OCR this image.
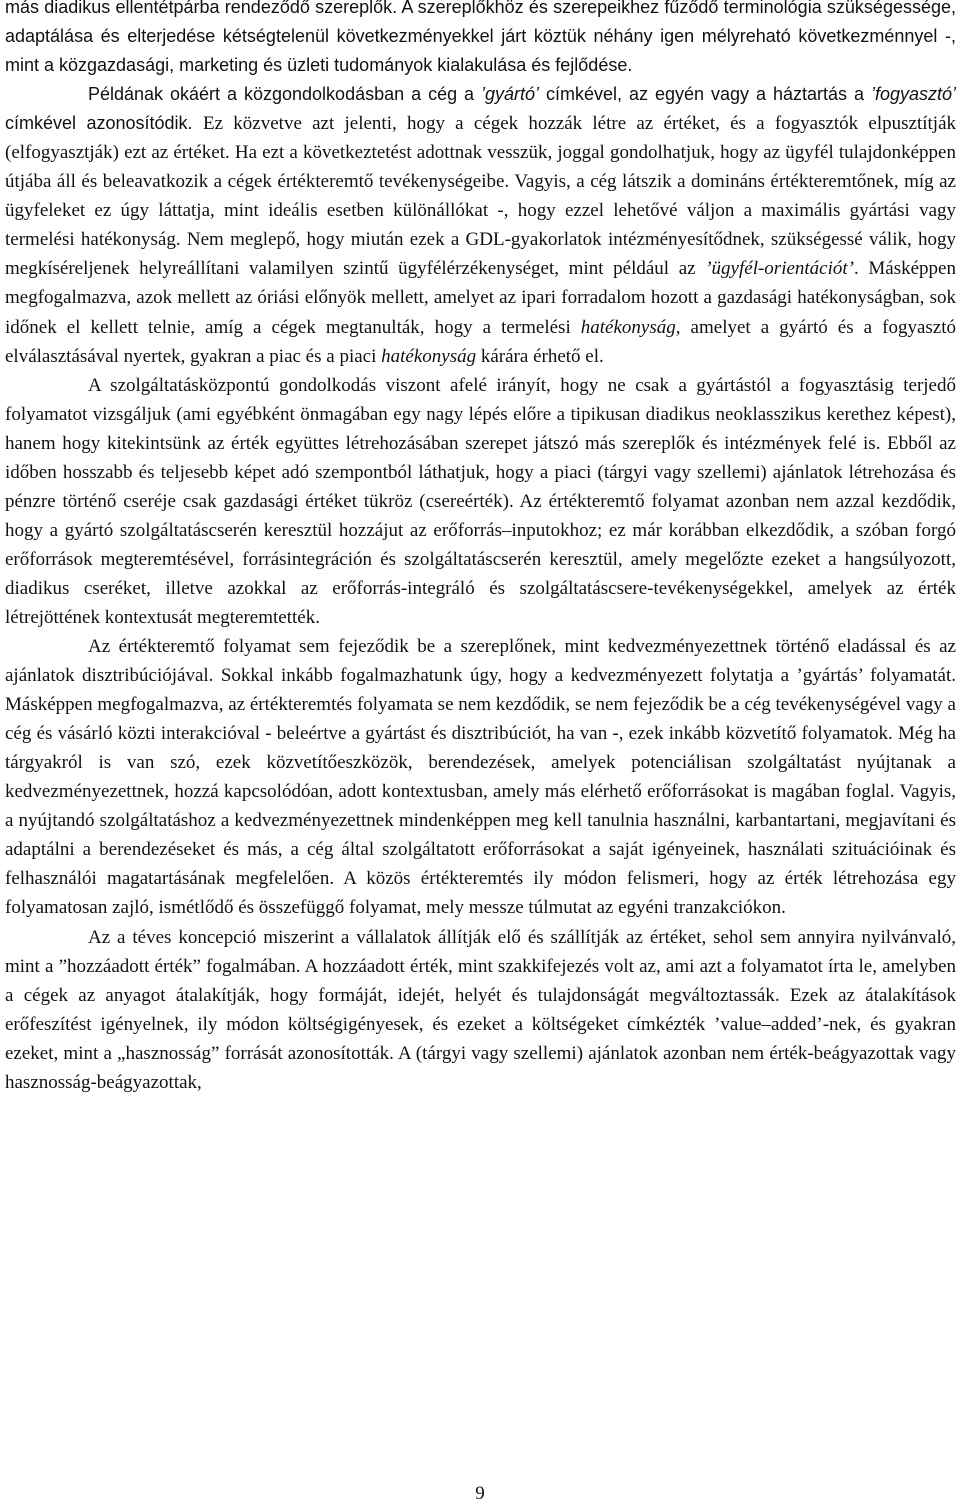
más diadikus ellentétpárba rendeződő szereplők. A szereplőkhöz és szerepeikhez fűződő terminológia szükségessége, adaptálása és elterjedése kétségtelenül következményekkel járt köztük néhány igen mélyreható következménnyel -, mint a közgazdasági, marketing és üzleti tudományok kialakulása és fejlődése.

Példának okáért a közgondolkodásban a cég a ’gyártó’ címkével, az egyén vagy a háztartás a ’fogyasztó’ címkével azonosítódik. Ez közvetve azt jelenti, hogy a cégek hozzák létre az értéket, és a fogyasztók elpusztítják (elfogyasztják) ezt az értéket. Ha ezt a következtetést adottnak vesszük, joggal gondolhatjuk, hogy az ügyfél tulajdonképpen útjába áll és beleavatkozik a cégek értékteremtő tevékenységeibe. Vagyis, a cég látszik a domináns értékteremtőnek, míg az ügyfeleket ez úgy láttatja, mint ideális esetben különállókat -, hogy ezzel lehetővé váljon a maximális gyártási vagy termelési hatékonyság. Nem meglepő, hogy miután ezek a GDL-gyakorlatok intézményesítődnek, szükségessé válik, hogy megkíséreljenek helyreállítani valamilyen szintű ügyfélérzékenységet, mint például az ’ügyfél-orientációt’. Másképpen megfogalmazva, azok mellett az óriási előnyök mellett, amelyet az ipari forradalom hozott a gazdasági hatékonyságban, sok időnek el kellett telnie, amíg a cégek megtanulták, hogy a termelési hatékonyság, amelyet a gyártó és a fogyasztó elválasztásával nyertek, gyakran a piac és a piaci hatékonyság kárára érhető el.

A szolgáltatásközpontú gondolkodás viszont afelé irányít, hogy ne csak a gyártástól a fogyasztásig terjedő folyamatot vizsgáljuk (ami egyébként önmagában egy nagy lépés előre a tipikusan diadikus neoklasszikus kerethez képest), hanem hogy kitekintsünk az érték együttes létrehozásában szerepet játszó más szereplők és intézmények felé is. Ebből az időben hosszabb és teljesebb képet adó szempontból láthatjuk, hogy a piaci (tárgyi vagy szellemi) ajánlatok létrehozása és pénzre történő cseréje csak gazdasági értéket tükröz (csereérték). Az értékteremtő folyamat azonban nem azzal kezdődik, hogy a gyártó szolgáltatáscserén keresztül hozzájut az erőforrás–inputokhoz; ez már korábban elkezdődik, a szóban forgó erőforrások megteremtésével, forrásintegráción és szolgáltatáscserén keresztül, amely megelőzte ezeket a hangsúlyozott, diadikus cseréket, illetve azokkal az erőforrás-integráló és szolgáltatáscsere-tevékenységekkel, amelyek az érték létrejöttének kontextusát megteremtették.

Az értékteremtő folyamat sem fejeződik be a szereplőnek, mint kedvezményezettnek történő eladással és az ajánlatok disztribúciójával. Sokkal inkább fogalmazhatunk úgy, hogy a kedvezményezett folytatja a ’gyártás’ folyamatát. Másképpen megfogalmazva, az értékteremtés folyamata se nem kezdődik, se nem fejeződik be a cég tevékenységével vagy a cég és vásárló közti interakcióval - beleértve a gyártást és disztribúciót, ha van -, ezek inkább közvetítő folyamatok. Még ha tárgyakról is van szó, ezek közvetítőeszközök, berendezések, amelyek potenciálisan szolgáltatást nyújtanak a kedvezményezettnek, hozzá kapcsolódóan, adott kontextusban, amely más elérhető erőforrásokat is magában foglal. Vagyis, a nyújtandó szolgáltatáshoz a kedvezményezettnek mindenképpen meg kell tanulnia használni, karbantartani, megjavítani és adaptálni a berendezéseket és más, a cég által szolgáltatott erőforrásokat a saját igényeinek, használati szituációinak és felhasználói magatartásának megfelelően. A közös értékteremtés ily módon felismeri, hogy az érték létrehozása egy folyamatosan zajló, ismétlődő és összefüggő folyamat, mely messze túlmutat az egyéni tranzakciókon.

Az a téves koncepció miszerint a vállalatok állítják elő és szállítják az értéket, sehol sem annyira nyilvánvaló, mint a ”hozzáadott érték” fogalmában. A hozzáadott érték, mint szakkifejezés volt az, ami azt a folyamatot írta le, amelyben a cégek az anyagot átalakítják, hogy formáját, idejét, helyét és tulajdonságát megváltoztassák. Ezek az átalakítások erőfeszítést igényelnek, ily módon költségigényesek, és ezeket a költségeket címkézték ’value–added’-nek, és gyakran ezeket, mint a „hasznosság” forrását azonosították. A (tárgyi vagy szellemi) ajánlatok azonban nem érték-beágyazottak vagy hasznosság-beágyazottak,

9
